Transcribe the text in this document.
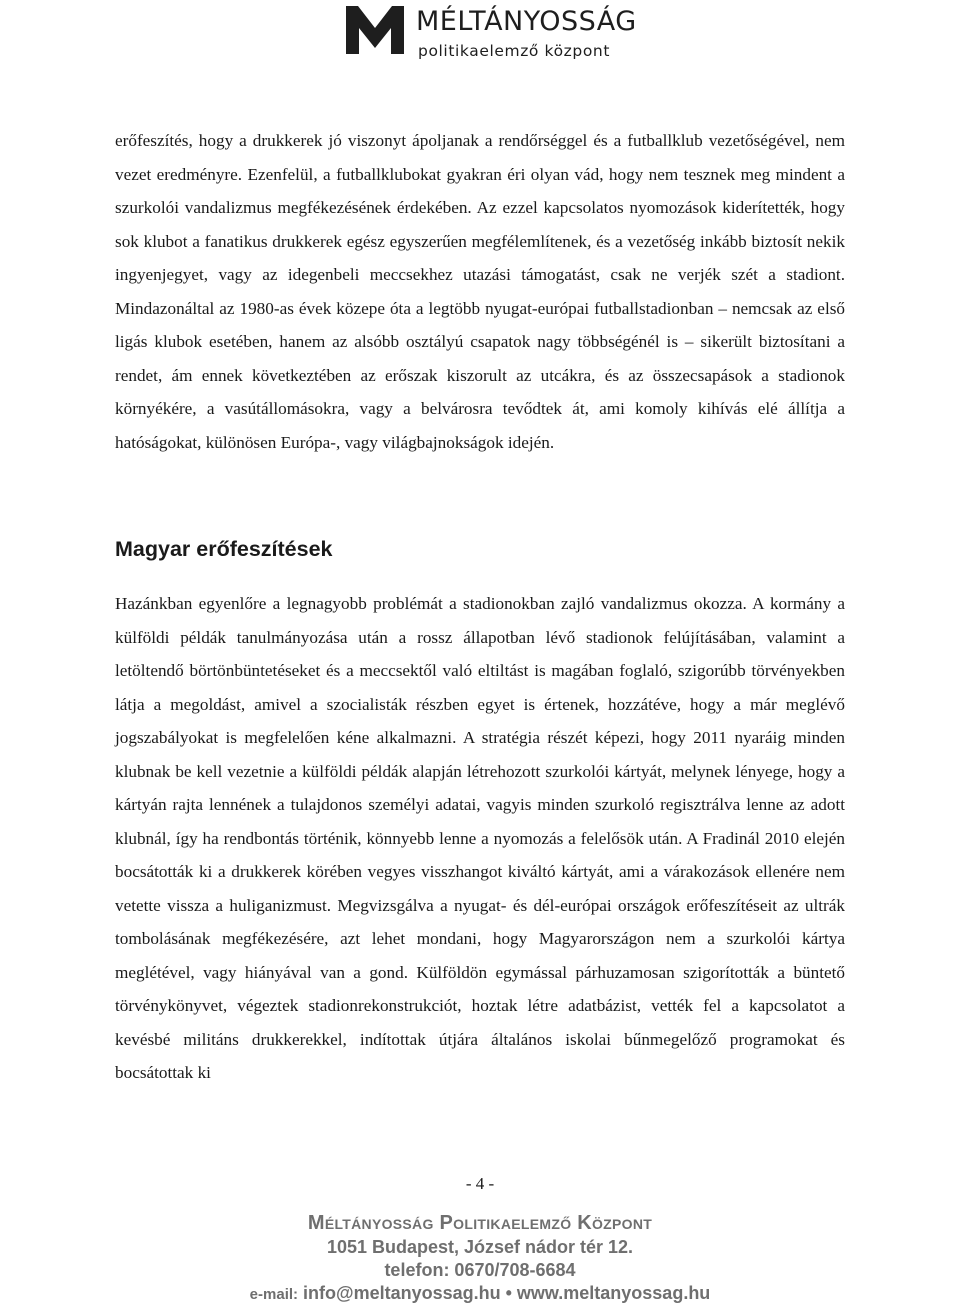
MÉLTÁNYOSSÁG
politikaelemző központ

erőfeszítés, hogy a drukkerek jó viszonyt ápoljanak a rendőrséggel és a futballklub vezetőségével, nem vezet eredményre. Ezenfelül, a futballklubokat gyakran éri olyan vád, hogy nem tesznek meg mindent a szurkolói vandalizmus megfékezésének érdekében. Az ezzel kapcsolatos nyomozások kiderítették, hogy sok klubot a fanatikus drukkerek egész egyszerűen megfélemlítenek, és a vezetőség inkább biztosít nekik ingyenjegyet, vagy az idegenbeli meccsekhez utazási támogatást, csak ne verjék szét a stadiont. Mindazonáltal az 1980-as évek közepe óta a legtöbb nyugat-európai futballstadionban – nemcsak az első ligás klubok esetében, hanem az alsóbb osztályú csapatok nagy többségénél is – sikerült biztosítani a rendet, ám ennek következtében az erőszak kiszorult az utcákra, és az összecsapások a stadionok környékére, a vasútállomásokra, vagy a belvárosra tevődtek át, ami komoly kihívás elé állítja a hatóságokat, különösen Európa-, vagy világbajnokságok idején.

Magyar erőfeszítések

Hazánkban egyenlőre a legnagyobb problémát a stadionokban zajló vandalizmus okozza. A kormány a külföldi példák tanulmányozása után a rossz állapotban lévő stadionok felújításában, valamint a letöltendő börtönbüntetéseket és a meccsektől való eltiltást is magában foglaló, szigorúbb törvényekben látja a megoldást, amivel a szocialisták részben egyet is értenek, hozzátéve, hogy a már meglévő jogszabályokat is megfelelően kéne alkalmazni. A stratégia részét képezi, hogy 2011 nyaráig minden klubnak be kell vezetnie a külföldi példák alapján létrehozott szurkolói kártyát, melynek lényege, hogy a kártyán rajta lennének a tulajdonos személyi adatai, vagyis minden szurkoló regisztrálva lenne az adott klubnál, így ha rendbontás történik, könnyebb lenne a nyomozás a felelősök után. A Fradinál 2010 elején bocsátották ki a drukkerek körében vegyes visszhangot kiváltó kártyát, ami a várakozások ellenére nem vetette vissza a huliganizmust. Megvizsgálva a nyugat- és dél-európai országok erőfeszítéseit az ultrák tombolásának megfékezésére, azt lehet mondani, hogy Magyarországon nem a szurkolói kártya meglétével, vagy hiányával van a gond. Külföldön egymással párhuzamosan szigorították a büntető törvénykönyvet, végeztek stadionrekonstrukciót, hoztak létre adatbázist, vették fel a kapcsolatot a kevésbé militáns drukkerekkel, indítottak útjára általános iskolai bűnmegelőző programokat és bocsátottak ki

- 4 -
Méltányosság Politikaelemző Központ
1051 Budapest, József nádor tér 12.
telefon: 0670/708-6684
e-mail: info@meltanyossag.hu • www.meltanyossag.hu
